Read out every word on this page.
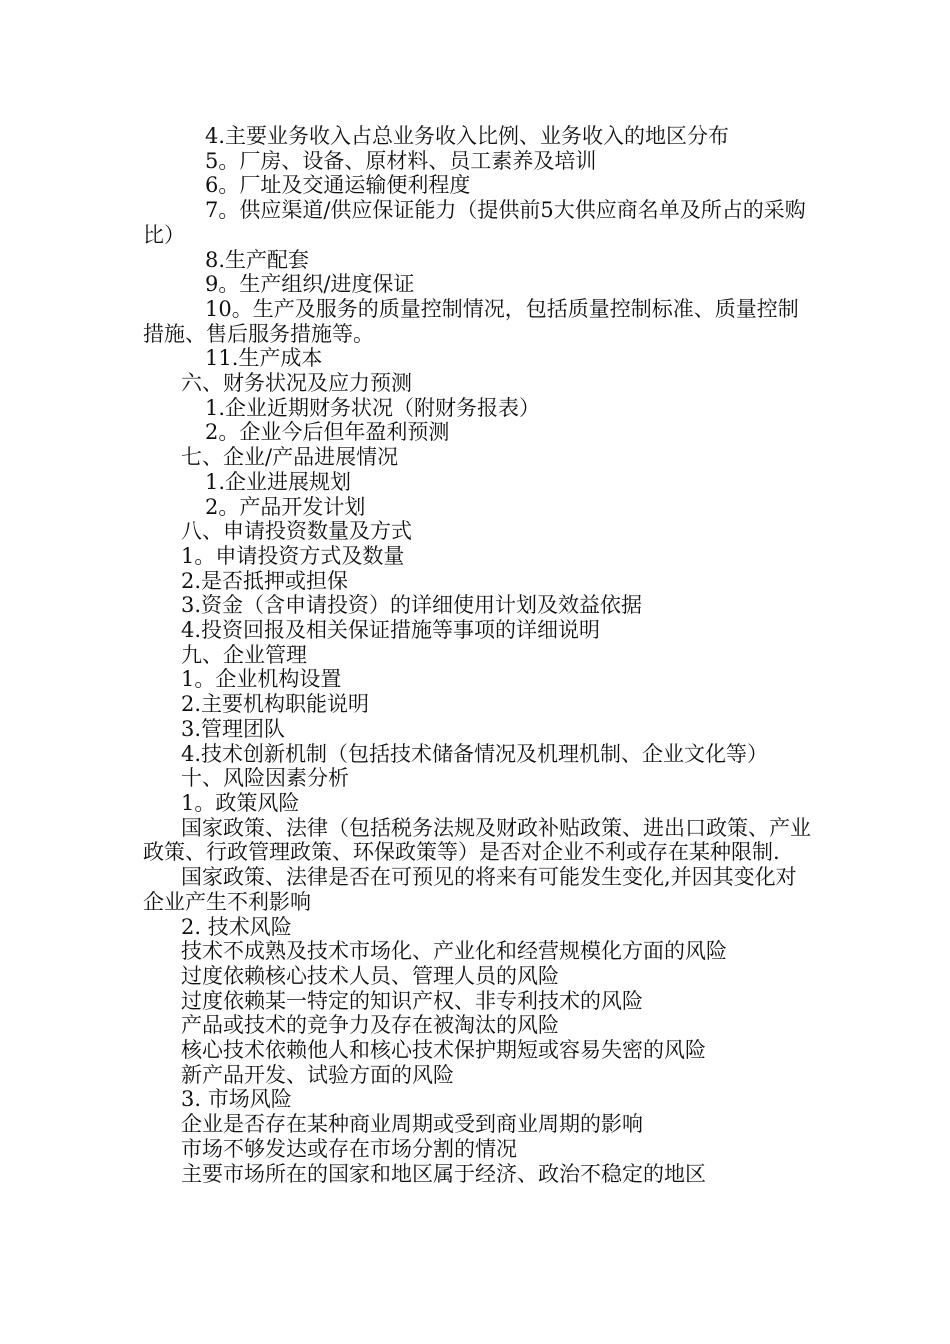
4.主要业务收入占总业务收入比例、业务收入的地区分布

5。厂房、设备、原材料、员工素养及培训

6。厂址及交通运输便利程度

7。供应渠道/供应保证能力（提供前5大供应商名单及所占的采购比）

8.生产配套

9。生产组织/进度保证

10。生产及服务的质量控制情况，包括质量控制标准、质量控制措施、售后服务措施等。

11.生产成本

六、财务状况及应力预测

1.企业近期财务状况（附财务报表）

2。企业今后但年盈利预测

七、企业/产品进展情况

1.企业进展规划

2。产品开发计划

八、申请投资数量及方式

1。申请投资方式及数量

2.是否抵押或担保

3.资金（含申请投资）的详细使用计划及效益依据

4.投资回报及相关保证措施等事项的详细说明

九、企业管理

1。企业机构设置

2.主要机构职能说明

3.管理团队

4.技术创新机制（包括技术储备情况及机理机制、企业文化等）

十、风险因素分析

1。政策风险

国家政策、法律（包括税务法规及财政补贴政策、进出口政策、产业政策、行政管理政策、环保政策等）是否对企业不利或存在某种限制.

国家政策、法律是否在可预见的将来有可能发生变化,并因其变化对企业产生不利影响

2. 技术风险

技术不成熟及技术市场化、产业化和经营规模化方面的风险

过度依赖核心技术人员、管理人员的风险

过度依赖某一特定的知识产权、非专利技术的风险

产品或技术的竞争力及存在被淘汰的风险

核心技术依赖他人和核心技术保护期短或容易失密的风险

新产品开发、试验方面的风险

3. 市场风险

企业是否存在某种商业周期或受到商业周期的影响

市场不够发达或存在市场分割的情况

主要市场所在的国家和地区属于经济、政治不稳定的地区
